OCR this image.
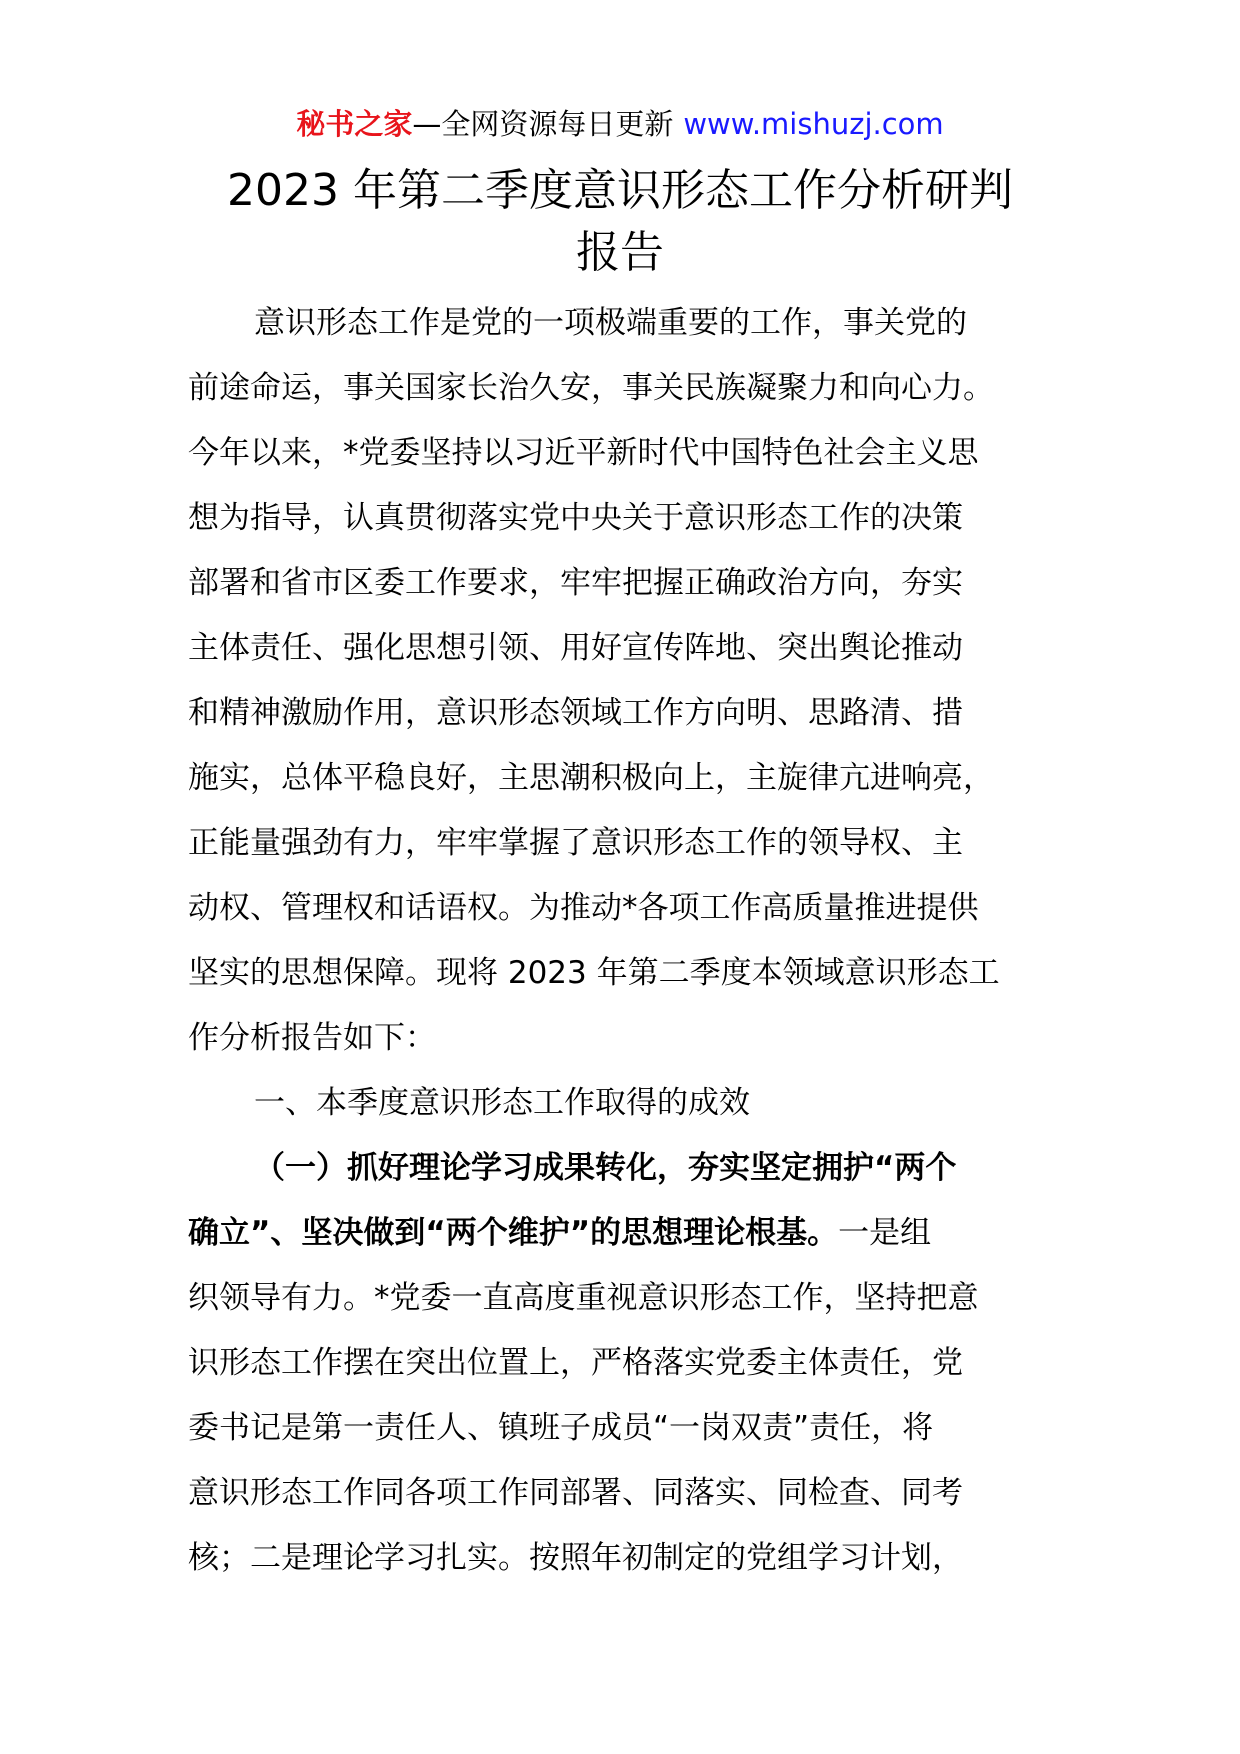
秘书之家—全网资源每日更新 www.mishuzj.com
2023 年第二季度意识形态工作分析研判
报告
意识形态工作是党的一项极端重要的工作，事关党的
前途命运，事关国家长治久安，事关民族凝聚力和向心力。
今年以来，*党委坚持以习近平新时代中国特色社会主义思
想为指导，认真贯彻落实党中央关于意识形态工作的决策
部署和省市区委工作要求，牢牢把握正确政治方向，夯实
主体责任、强化思想引领、用好宣传阵地、突出舆论推动
和精神激励作用，意识形态领域工作方向明、思路清、措
施实，总体平稳良好，主思潮积极向上，主旋律亢进响亮，
正能量强劲有力，牢牢掌握了意识形态工作的领导权、主
动权、管理权和话语权。为推动*各项工作高质量推进提供
坚实的思想保障。现将 2023 年第二季度本领域意识形态工
作分析报告如下：
一、本季度意识形态工作取得的成效
（一）抓好理论学习成果转化，夯实坚定拥护“两个
确立”、坚决做到“两个维护”的思想理论根基。一是组
织领导有力。*党委一直高度重视意识形态工作，坚持把意
识形态工作摆在突出位置上，严格落实党委主体责任，党
委书记是第一责任人、镇班子成员“一岗双责”责任，将
意识形态工作同各项工作同部署、同落实、同检查、同考
核；二是理论学习扎实。按照年初制定的党组学习计划，
